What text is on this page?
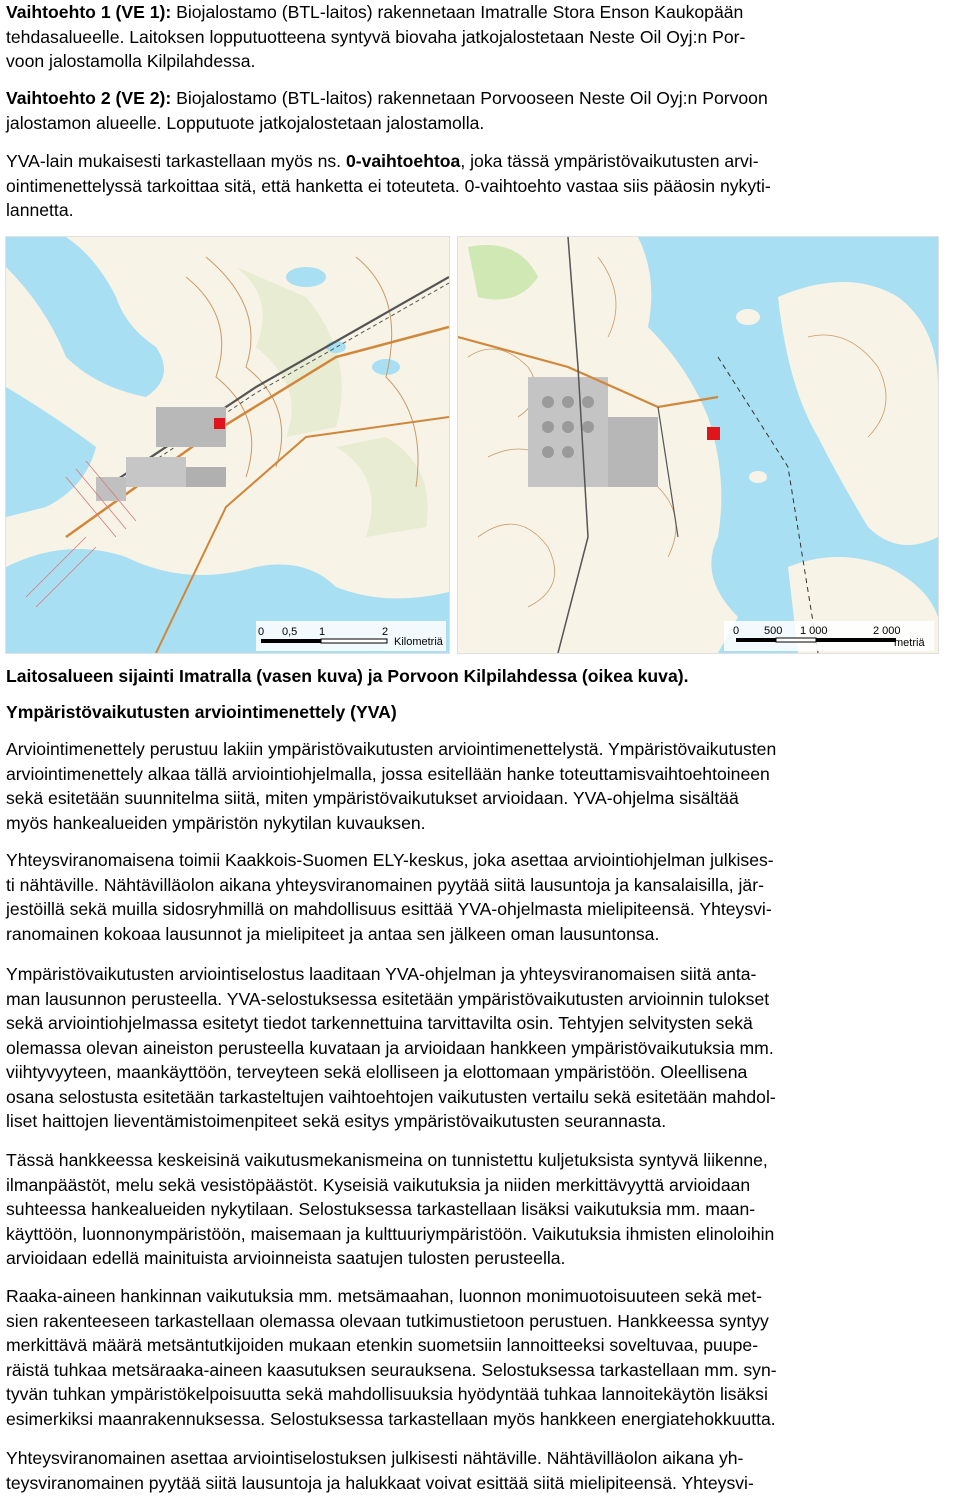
Vaihtoehto 1 (VE 1): Biojalostamo (BTL-laitos) rakennetaan Imatralle Stora Enson Kaukopään
tehdasalueelle. Laitoksen lopputuotteena syntyvä biovaha jatkojalostetaan Neste Oil Oyj:n Por-
voon jalostamolla Kilpilahdessa.

Vaihtoehto 2 (VE 2): Biojalostamo (BTL-laitos) rakennetaan Porvooseen Neste Oil Oyj:n Porvoon
jalostamon alueelle. Lopputuote jatkojalostetaan jalostamolla.

YVA-lain mukaisesti tarkastellaan myös ns. 0-vaihtoehtoa, joka tässä ympäristövaikutusten arvi-
ointimenettelyssä tarkoittaa sitä, että hanketta ei toteuteta. 0-vaihtoehto vastaa siis pääosin nykyti-
lannetta.

0 0,5 1	2
Kilometriä
0 500 1 000	2 000
metriä

Laitosalueen sijainti Imatralla (vasen kuva) ja Porvoon Kilpilahdessa (oikea kuva).

Ympäristövaikutusten arviointimenettely (YVA)

Arviointimenettely perustuu lakiin ympäristövaikutusten arviointimenettelystä. Ympäristövaikutusten
arviointimenettely alkaa tällä arviointiohjelmalla, jossa esitellään hanke toteuttamisvaihtoehtoineen
sekä esitetään suunnitelma siitä, miten ympäristövaikutukset arvioidaan. YVA-ohjelma sisältää
myös hankealueiden ympäristön nykytilan kuvauksen.

Yhteysviranomaisena toimii Kaakkois-Suomen ELY-keskus, joka asettaa arviointiohjelman julkises-
ti nähtäville. Nähtävilläolon aikana yhteysviranomainen pyytää siitä lausuntoja ja kansalaisilla, jär-
jestöillä sekä muilla sidosryhmillä on mahdollisuus esittää YVA-ohjelmasta mielipiteensä. Yhteysvi-
ranomainen kokoaa lausunnot ja mielipiteet ja antaa sen jälkeen oman lausuntonsa.

Ympäristövaikutusten arviointiselostus laaditaan YVA-ohjelman ja yhteysviranomaisen siitä anta-
man lausunnon perusteella. YVA-selostuksessa esitetään ympäristövaikutusten arvioinnin tulokset
sekä arviointiohjelmassa esitetyt tiedot tarkennettuina tarvittavilta osin. Tehtyjen selvitysten sekä
olemassa olevan aineiston perusteella kuvataan ja arvioidaan hankkeen ympäristövaikutuksia mm.
viihtyvyyteen, maankäyttöön, terveyteen sekä elolliseen ja elottomaan ympäristöön. Oleellisena
osana selostusta esitetään tarkasteltujen vaihtoehtojen vaikutusten vertailu sekä esitetään mahdol-
liset haittojen lieventämistoimenpiteet sekä esitys ympäristövaikutusten seurannasta.

Tässä hankkeessa keskeisinä vaikutusmekanismeina on tunnistettu kuljetuksista syntyvä liikenne,
ilmanpäästöt, melu sekä vesistöpäästöt. Kyseisiä vaikutuksia ja niiden merkittävyyttä arvioidaan
suhteessa hankealueiden nykytilaan. Selostuksessa tarkastellaan lisäksi vaikutuksia mm. maan-
käyttöön, luonnonympäristöön, maisemaan ja kulttuuriympäristöön. Vaikutuksia ihmisten elinoloihin
arvioidaan edellä mainituista arvioinneista saatujen tulosten perusteella.

Raaka-aineen hankinnan vaikutuksia mm. metsämaahan, luonnon monimuotoisuuteen sekä met-
sien rakenteeseen tarkastellaan olemassa olevaan tutkimustietoon perustuen. Hankkeessa syntyy
merkittävä määrä metsäntutkijoiden mukaan etenkin suometsiin lannoitteeksi soveltuvaa, puupe-
räistä tuhkaa metsäraaka-aineen kaasutuksen seurauksena. Selostuksessa tarkastellaan mm. syn-
tyvän tuhkan ympäristökelpoisuutta sekä mahdollisuuksia hyödyntää tuhkaa lannoitekäytön lisäksi
esimerkiksi maanrakennuksessa. Selostuksessa tarkastellaan myös hankkeen energiatehokkuutta.

Yhteysviranomainen asettaa arviointiselostuksen julkisesti nähtäville. Nähtävilläolon aikana yh-
teysviranomainen pyytää siitä lausuntoja ja halukkaat voivat esittää siitä mielipiteensä. Yhteysvi-
